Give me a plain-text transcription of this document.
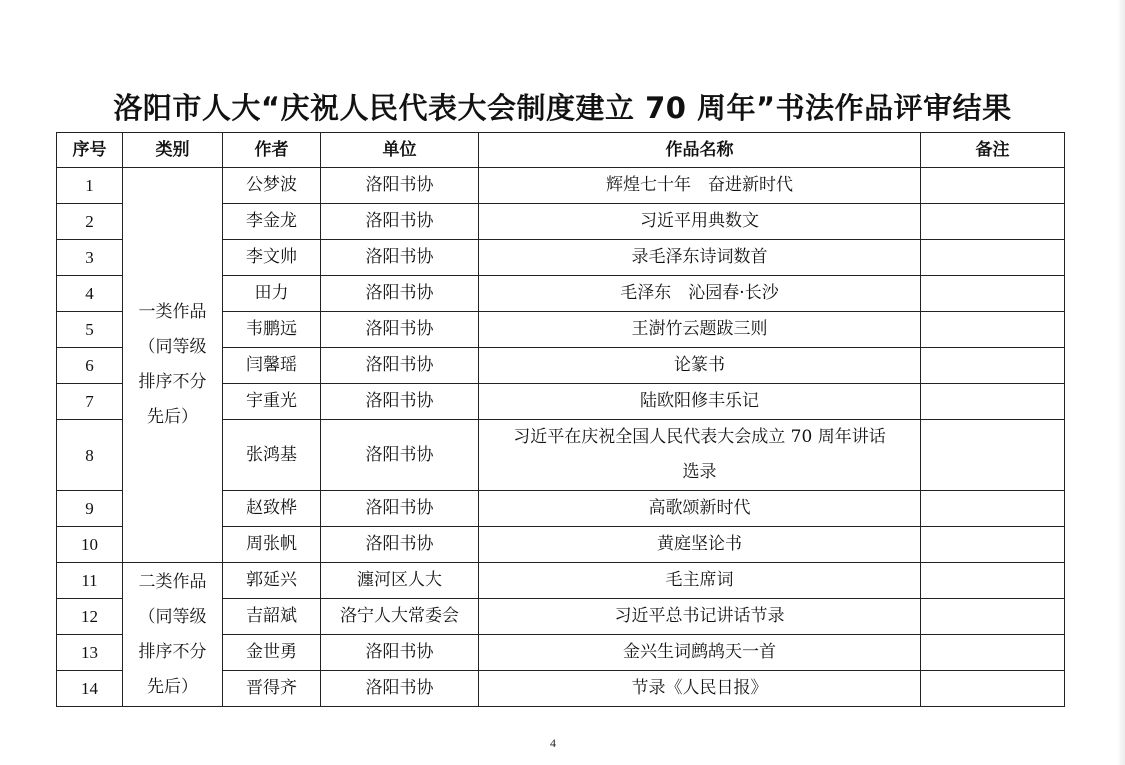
洛阳市人大“庆祝人民代表大会制度建立 70 周年”书法作品评审结果
序号	类别	作者	单位	作品名称	备注
1	一类作品
（同等级
排序不分
先后）	公梦波	洛阳书协	辉煌七十年　奋进新时代	
2		李金龙	洛阳书协	习近平用典数文	
3		李文帅	洛阳书协	录毛泽东诗词数首	
4		田力	洛阳书协	毛泽东　沁园春·长沙	
5		韦鹏远	洛阳书协	王澍竹云题跋三则	
6		闫馨瑶	洛阳书协	论篆书	
7		宇重光	洛阳书协	陆欧阳修丰乐记	
8		张鸿基	洛阳书协	习近平在庆祝全国人民代表大会成立 70 周年讲话
选录	

9		赵致桦	洛阳书协	高歌颂新时代	
10		周张帆	洛阳书协	黄庭坚论书	
11	二类作品
（同等级
排序不分
先后）	郭延兴	瀍河区人大	毛主席词	
12		吉韶斌	洛宁人大常委会	习近平总书记讲话节录	
13		金世勇	洛阳书协	金兴生词鹧鸪天一首	
14		晋得齐	洛阳书协	节录《人民日报》	
4
